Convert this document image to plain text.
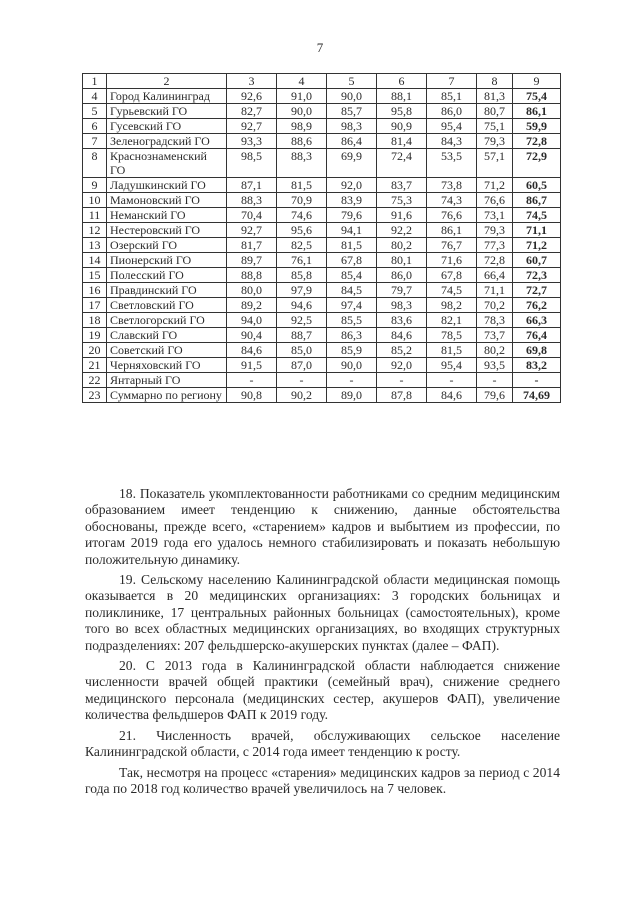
7
1	2	3	4	5	6	7	8	9
4	Город Калининград	92,6	91,0	90,0	88,1	85,1	81,3	75,4
5	Гурьевский ГО	82,7	90,0	85,7	95,8	86,0	80,7	86,1
6	Гусевский ГО	92,7	98,9	98,3	90,9	95,4	75,1	59,9
7	Зеленоградский ГО	93,3	88,6	86,4	81,4	84,3	79,3	72,8
8	Краснознаменский ГО	98,5	88,3	69,9	72,4	53,5	57,1	72,9
9	Ладушкинский ГО	87,1	81,5	92,0	83,7	73,8	71,2	60,5
10	Мамоновский ГО	88,3	70,9	83,9	75,3	74,3	76,6	86,7
11	Неманский ГО	70,4	74,6	79,6	91,6	76,6	73,1	74,5
12	Нестеровский ГО	92,7	95,6	94,1	92,2	86,1	79,3	71,1
13	Озерский ГО	81,7	82,5	81,5	80,2	76,7	77,3	71,2
14	Пионерский ГО	89,7	76,1	67,8	80,1	71,6	72,8	60,7
15	Полесский ГО	88,8	85,8	85,4	86,0	67,8	66,4	72,3
16	Правдинский ГО	80,0	97,9	84,5	79,7	74,5	71,1	72,7
17	Светловский ГО	89,2	94,6	97,4	98,3	98,2	70,2	76,2
18	Светлогорский ГО	94,0	92,5	85,5	83,6	82,1	78,3	66,3
19	Славский ГО	90,4	88,7	86,3	84,6	78,5	73,7	76,4
20	Советский ГО	84,6	85,0	85,9	85,2	81,5	80,2	69,8
21	Черняховский ГО	91,5	87,0	90,0	92,0	95,4	93,5	83,2
22	Янтарный ГО	-	-	-	-	-	-	-
23	Суммарно по региону	90,8	90,2	89,0	87,8	84,6	79,6	74,69

18. Показатель укомплектованности работниками со средним медицинским образованием имеет тенденцию к снижению, данные обстоятельства обоснованы, прежде всего, «старением» кадров и выбытием из профессии, по итогам 2019 года его удалось немного стабилизировать и показать небольшую положительную динамику.

19. Сельскому населению Калининградской области медицинская помощь оказывается в 20 медицинских организациях: 3 городских больницах и поликлинике, 17 центральных районных больницах (самостоятельных), кроме того во всех областных медицинских организациях, во входящих структурных подразделениях: 207 фельдшерско-акушерских пунктах (далее – ФАП).

20. С 2013 года в Калининградской области наблюдается снижение численности врачей общей практики (семейный врач), снижение среднего медицинского персонала (медицинских сестер, акушеров ФАП), увеличение количества фельдшеров ФАП к 2019 году.

21. Численность врачей, обслуживающих сельское население Калининградской области, с 2014 года имеет тенденцию к росту.

Так, несмотря на процесс «старения» медицинских кадров за период с 2014 года по 2018 год количество врачей увеличилось на 7 человек.
